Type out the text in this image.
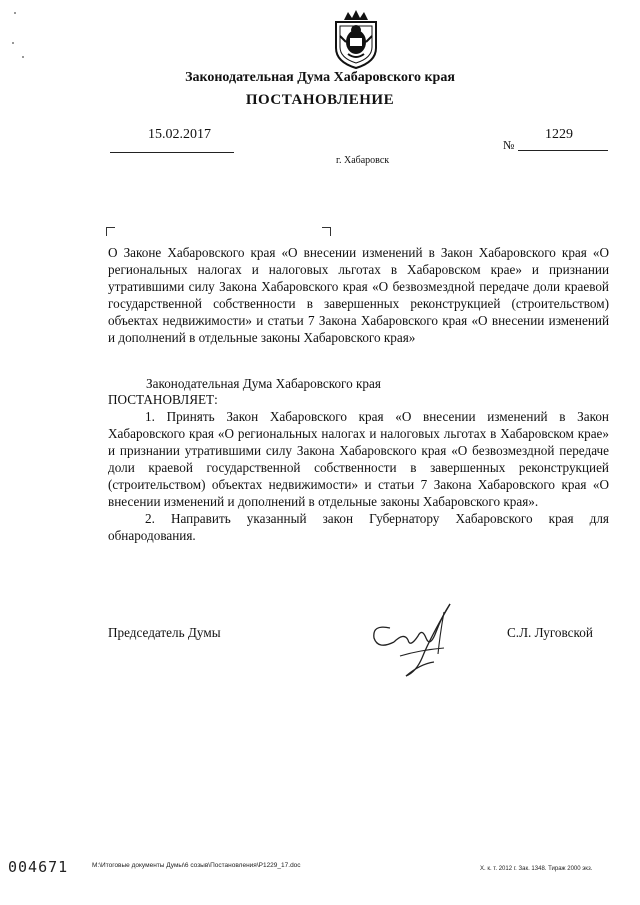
Законодательная Дума Хабаровского края
ПОСТАНОВЛЕНИЕ
15.02.2017
№
1229
г. Хабаровск
О Законе Хабаровского края «О внесении изменений в Закон Хабаровского края «О региональных налогах и налоговых льготах в Хабаровском крае» и признании утратившими силу Закона Хабаровского края «О безвозмездной передаче доли краевой государственной собственности в завершенных реконструкцией (строительством) объектах недвижимости» и статьи 7 Закона Хабаровского края «О внесении изменений и дополнений в отдельные законы Хабаровского края»
Законодательная Дума Хабаровского края
ПОСТАНОВЛЯЕТ:

1. Принять Закон Хабаровского края «О внесении изменений в Закон Хабаровского края «О региональных налогах и налоговых льготах в Хабаровском крае» и признании утратившими силу Закона Хабаровского края «О безвозмездной передаче доли краевой государственной собственности в завершенных реконструкцией (строительством) объектах недвижимости» и статьи 7 Закона Хабаровского края «О внесении изменений и дополнений в отдельные законы Хабаровского края».

2. Направить указанный закон Губернатору Хабаровского края для обнародования.

Председатель Думы	С.Л. Луговской
004671	M:\Итоговые документы Думы\6 созыв\Постановления\P1229_17.doc	Х. к. т. 2012 г. Зак. 1348. Тираж 2000 экз.
